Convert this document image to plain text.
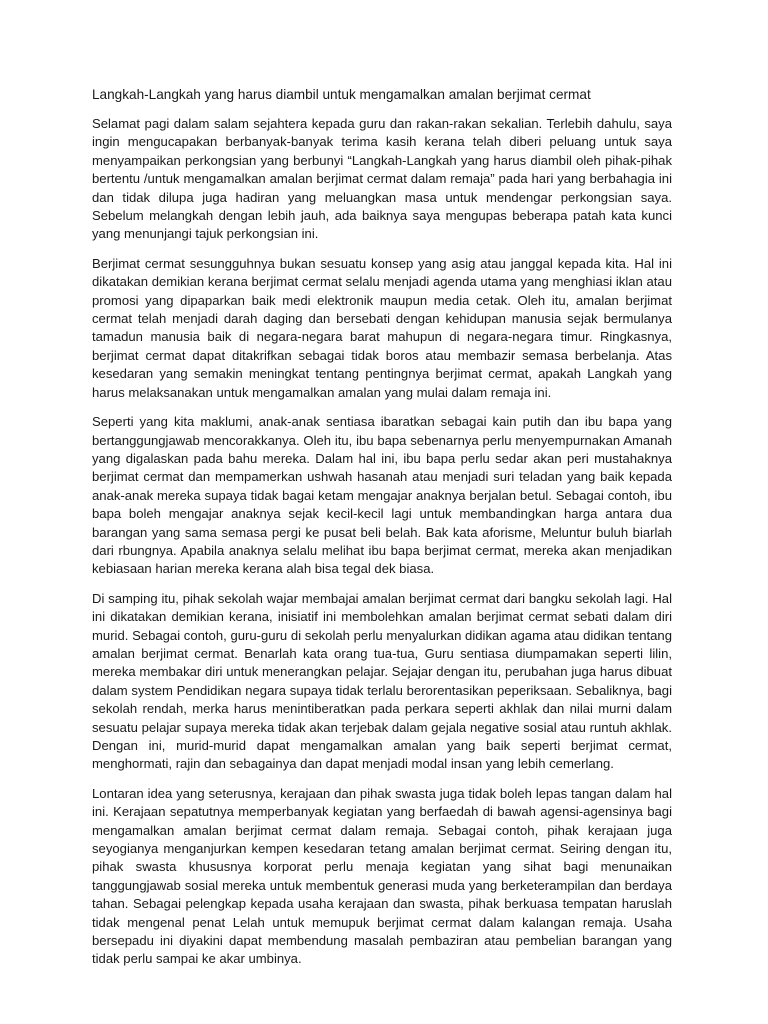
Langkah-Langkah yang harus diambil untuk mengamalkan amalan berjimat cermat

Selamat pagi dalam salam sejahtera kepada guru dan rakan-rakan sekalian. Terlebih dahulu, saya ingin mengucapakan berbanyak-banyak terima kasih kerana telah diberi peluang untuk saya menyampaikan perkongsian yang berbunyi “Langkah-Langkah yang harus diambil oleh pihak-pihak bertentu /untuk mengamalkan amalan berjimat cermat dalam remaja” pada hari yang berbahagia ini dan tidak dilupa juga hadiran yang meluangkan masa untuk mendengar perkongsian saya. Sebelum melangkah dengan lebih jauh, ada baiknya saya mengupas beberapa patah kata kunci yang menunjangi tajuk perkongsian ini.

Berjimat cermat sesungguhnya bukan sesuatu konsep yang asig atau janggal kepada kita. Hal ini dikatakan demikian kerana berjimat cermat selalu menjadi agenda utama yang menghiasi iklan atau promosi yang dipaparkan baik medi elektronik maupun media cetak. Oleh itu, amalan berjimat cermat telah menjadi darah daging dan bersebati dengan kehidupan manusia sejak bermulanya tamadun manusia baik di negara-negara barat mahupun di negara-negara timur. Ringkasnya, berjimat cermat dapat ditakrifkan sebagai tidak boros atau membazir semasa berbelanja. Atas kesedaran yang semakin meningkat tentang pentingnya berjimat cermat, apakah Langkah yang harus melaksanakan untuk mengamalkan amalan yang mulai dalam remaja ini.

Seperti yang kita maklumi, anak-anak sentiasa ibaratkan sebagai kain putih dan ibu bapa yang bertanggungjawab mencorakkanya. Oleh itu, ibu bapa sebenarnya perlu menyempurnakan Amanah yang digalaskan pada bahu mereka. Dalam hal ini, ibu bapa perlu sedar akan peri mustahaknya berjimat cermat dan mempamerkan ushwah hasanah atau menjadi suri teladan yang baik kepada anak-anak mereka supaya tidak bagai ketam mengajar anaknya berjalan betul. Sebagai contoh, ibu bapa boleh mengajar anaknya sejak kecil-kecil lagi untuk membandingkan harga antara dua barangan yang sama semasa pergi ke pusat beli belah. Bak kata aforisme, Meluntur buluh biarlah dari rbungnya. Apabila anaknya selalu melihat ibu bapa berjimat cermat, mereka akan menjadikan kebiasaan harian mereka kerana alah bisa tegal dek biasa.

Di samping itu, pihak sekolah wajar membajai amalan berjimat cermat dari bangku sekolah lagi. Hal ini dikatakan demikian kerana, inisiatif ini membolehkan amalan berjimat cermat sebati dalam diri murid. Sebagai contoh, guru-guru di sekolah perlu menyalurkan didikan agama atau didikan tentang amalan berjimat cermat. Benarlah kata orang tua-tua, Guru sentiasa diumpamakan seperti lilin, mereka membakar diri untuk menerangkan pelajar. Sejajar dengan itu, perubahan juga harus dibuat dalam system Pendidikan negara supaya tidak terlalu berorentasikan peperiksaan. Sebaliknya, bagi sekolah rendah, merka harus menintiberatkan pada perkara seperti akhlak dan nilai murni dalam sesuatu pelajar supaya mereka tidak akan terjebak dalam gejala negative sosial atau runtuh akhlak. Dengan ini, murid-murid dapat mengamalkan amalan yang baik seperti berjimat cermat, menghormati, rajin dan sebagainya dan dapat menjadi modal insan yang lebih cemerlang.

Lontaran idea yang seterusnya, kerajaan dan pihak swasta juga tidak boleh lepas tangan dalam hal ini. Kerajaan sepatutnya memperbanyak kegiatan yang berfaedah di bawah agensi-agensinya bagi mengamalkan amalan berjimat cermat dalam remaja. Sebagai contoh, pihak kerajaan juga seyogianya menganjurkan kempen kesedaran tetang amalan berjimat cermat. Seiring dengan itu, pihak swasta khususnya korporat perlu menaja kegiatan yang sihat bagi menunaikan tanggungjawab sosial mereka untuk membentuk generasi muda yang berketerampilan dan berdaya tahan. Sebagai pelengkap kepada usaha kerajaan dan swasta, pihak berkuasa tempatan haruslah tidak mengenal penat Lelah untuk memupuk berjimat cermat dalam kalangan remaja. Usaha bersepadu ini diyakini dapat membendung masalah pembaziran atau pembelian barangan yang tidak perlu sampai ke akar umbinya.
